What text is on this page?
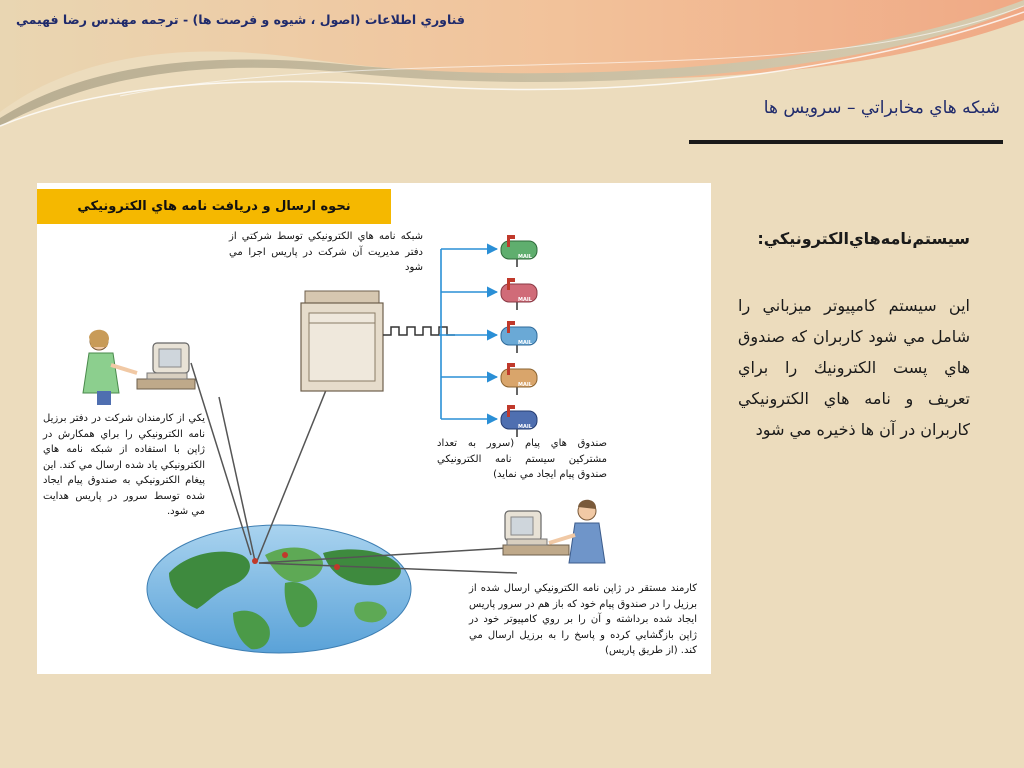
فناوري اطلاعات (اصول ، شيوه و فرصت ها) - ترجمه مهندس رضا فهيمي
شبکه هاي مخابراتي – سرويس ها
MAIL
MAIL
MAIL
MAIL
MAIL
نحوه ارسال و دريافت نامه هاي الكترونيكي
شبكه نامه هاي الكترونيكي توسط شركتي از دفتر مديريت آن شركت در پاريس اجرا مي شود
يكي از كارمندان شركت در دفتر برزيل نامه الكترونيكي را براي همكارش در ژاپن با استفاده از شبكه نامه هاي الكترونيكي ياد شده ارسال مي كند. اين پيغام الكترونيكي به صندوق پيام ايجاد شده توسط سرور در پاريس هدايت مي شود.
صندوق هاي پيام (سرور به تعداد مشتركين سيستم نامه الكترونيكي صندوق پيام ايجاد مي نمايد)
كارمند مستقر در ژاپن نامه الكترونيكي ارسال شده از برزيل را در صندوق پيام خود كه باز هم در سرور پاريس ايجاد شده برداشته و آن را بر روي كامپيوتر خود در ژاپن بازگشايي كرده و پاسخ را به برزيل ارسال مي كند. (از طريق پاريس)
سيستم‌نامه‌هاي‌الكترونيكي:
اين سيستم كامپيوتر ميزباني را شامل مي شود كاربران كه صندوق هاي پست الكترونيك را براي تعريف و نامه هاي الكترونيكي كاربران در آن ها ذخيره مي شود
